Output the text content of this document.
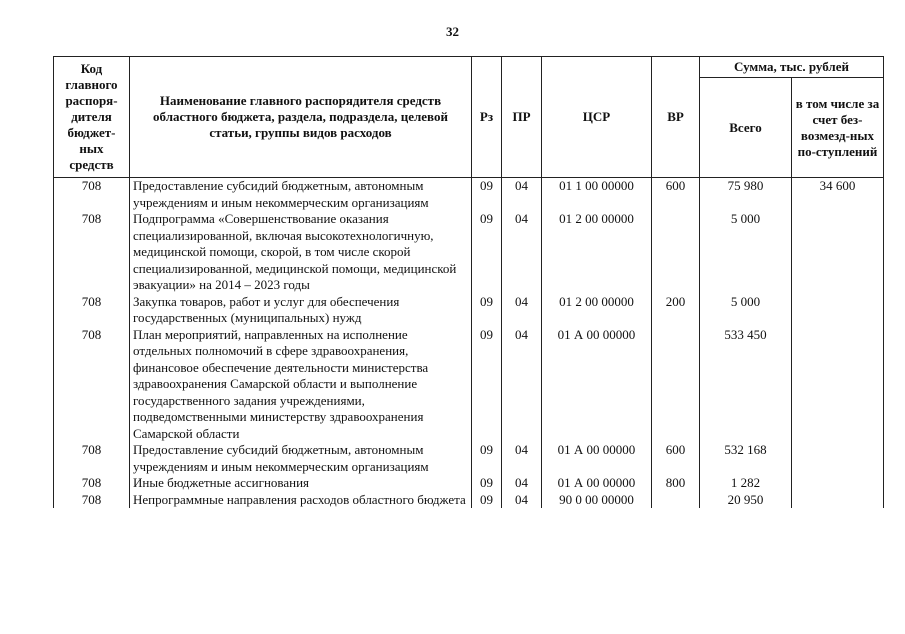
32
Код главного распоря-дителя бюджет-ных средств	Наименование главного распорядителя средств областного бюджета, раздела, подраздела, целевой статьи, группы видов расходов	Рз	ПР	ЦСР	ВР	Сумма, тыс. рублей	
						Всего	в том числе за счет без-возмезд-ных по-ступлений
708	Предоставление субсидий бюджетным, автономным учреждениям и иным некоммерческим организациям	09	04	01 1 00 00000	600	75 980	34 600
708	Подпрограмма «Совершенствование оказания специализированной, включая высокотехнологичную, медицинской помощи, скорой, в том числе скорой специализированной, медицинской помощи, медицинской эвакуации» на 2014 – 2023 годы	09	04	01 2 00 00000		5 000	
708	Закупка товаров, работ и услуг для обеспечения государственных (муниципальных) нужд	09	04	01 2 00 00000	200	5 000	
708	План мероприятий, направленных на исполнение отдельных полномочий в сфере здравоохранения, финансовое обеспечение деятельности министерства здравоохранения Самарской области и выполнение государственного задания учреждениями, подведомственными министерству здравоохранения Самарской области	09	04	01 А 00 00000		533 450	
708	Предоставление субсидий бюджетным, автономным учреждениям и иным некоммерческим организациям	09	04	01 А 00 00000	600	532 168	
708	Иные бюджетные ассигнования	09	04	01 А 00 00000	800	1 282	
708	Непрограммные направления расходов областного бюджета	09	04	90 0 00 00000		20 950	
